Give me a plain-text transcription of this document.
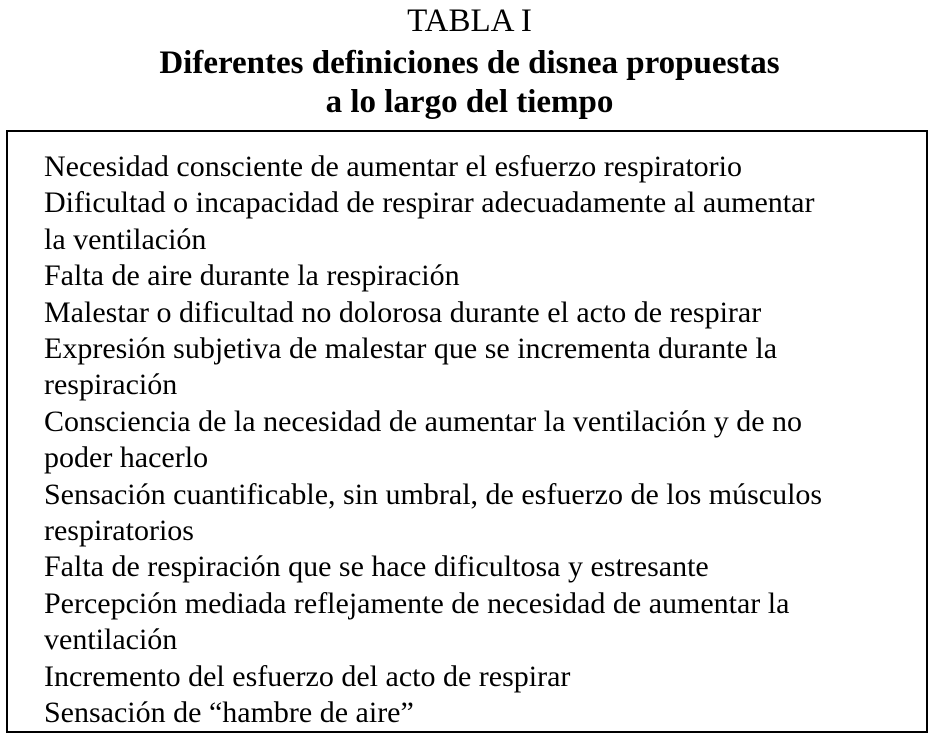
TABLA I
Diferentes definiciones de disnea propuestas
a lo largo del tiempo
Necesidad consciente de aumentar el esfuerzo respiratorio
Dificultad o incapacidad de respirar adecuadamente al aumentar
la ventilación
Falta de aire durante la respiración
Malestar o dificultad no dolorosa durante el acto de respirar
Expresión subjetiva de malestar que se incrementa durante la
respiración
Consciencia de la necesidad de aumentar la ventilación y de no
poder hacerlo
Sensación cuantificable, sin umbral, de esfuerzo de los músculos
respiratorios
Falta de respiración que se hace dificultosa y estresante
Percepción mediada reflejamente de necesidad de aumentar la
ventilación
Incremento del esfuerzo del acto de respirar
Sensación de “hambre de aire”
